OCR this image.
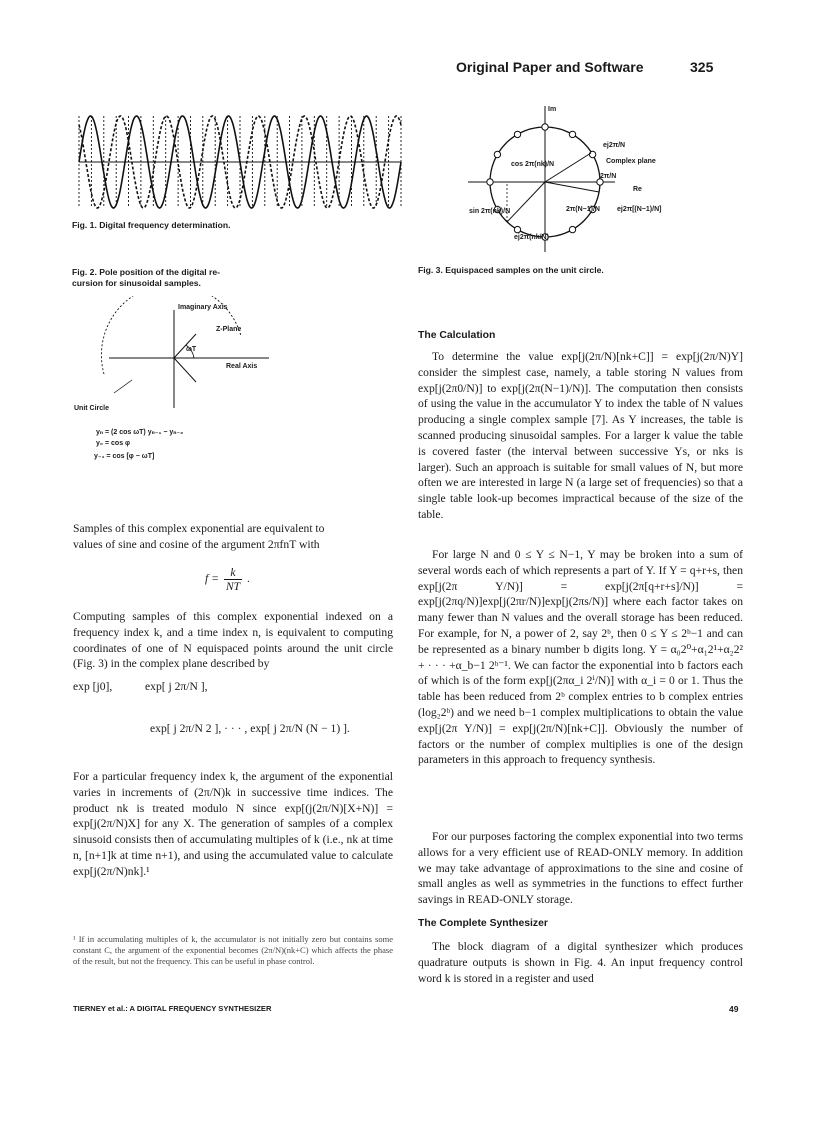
Original Paper and Software	325
Fig. 1. Digital frequency determination.
Fig. 2. Pole position of the digital re-
cursion for sinusoidal samples.
Imaginary Axis
Z-Plane
Real Axis
ωT
Unit Circle
yₙ = (2 cos ωT) yₙ₋₁ − yₙ₋₂
y₀ = cos φ
y₋₁ = cos [φ − ωT]
Im
ej2π/N
Complex plane
2π/N
cos 2π(nk)/N
Re
sin 2π(nk)/N	2π(N−1)/N ej2π[(N−1)/N]
ej2π(nk/N)
Fig. 3. Equispaced samples on the unit circle.
Samples of this complex exponential are equivalent to
values of sine and cosine of the argument 2πfnT with
$f = \frac{k}{NT}$ .
Computing samples of this complex exponential indexed on a frequency index k, and a time index n, is equivalent to computing coordinates of one of N equispaced points around the unit circle (Fig. 3) in the complex plane described by
exp [j0],	exp[ j 2π/N ],
exp[ j 2π/N 2 ], · · · , exp[ j 2π/N (N − 1) ].
For a particular frequency index k, the argument of the exponential varies in increments of (2π/N)k in successive time indices. The product nk is treated modulo N since exp[(j(2π/N)[X+N)] = exp[j(2π/N)X] for any X. The generation of samples of a complex sinusoid consists then of accumulating multiples of k (i.e., nk at time n, [n+1]k at time n+1), and using the accumulated value to calculate exp[j(2π/N)nk].¹
¹ If in accumulating multiples of k, the accumulator is not initially zero but contains some constant C, the argument of the exponential becomes (2π/N)(nk+C) which affects the phase of the result, but not the frequency. This can be useful in phase control.
TIERNEY et al.: A DIGITAL FREQUENCY SYNTHESIZER
The Calculation
To determine the value exp[j(2π/N)[nk+C]] = exp[j(2π/N)Y] consider the simplest case, namely, a table storing N values from exp[j(2π0/N)] to exp[j(2π(N−1)/N)]. The computation then consists of using the value in the accumulator Y to index the table of N values producing a single complex sample [7]. As Y increases, the table is scanned producing sinusoidal samples. For a larger k value the table is covered faster (the interval between successive Ys, or nks is larger). Such an approach is suitable for small values of N, but more often we are interested in large N (a large set of frequencies) so that a single table look-up becomes impractical because of the size of the table.
For large N and 0 ≤ Y ≤ N−1, Y may be broken into a sum of several words each of which represents a part of Y. If Y = q+r+s, then exp[j(2π Y/N)] = exp[j(2π[q+r+s]/N)] = exp[j(2πq/N)]exp[j(2πr/N)]exp[j(2πs/N)] where each factor takes on many fewer than N values and the overall storage has been reduced. For example, for N, a power of 2, say 2ᵇ, then 0 ≤ Y ≤ 2ᵇ−1 and can be represented as a binary number b digits long. Y = α₀2⁰+α₁2¹+α₂2² + · · · +α_b−1 2ᵇ⁻¹. We can factor the exponential into b factors each of which is of the form exp[j(2πα_i 2ⁱ/N)] with α_i = 0 or 1. Thus the table has been reduced from 2ᵇ complex entries to b complex entries (log₂2ᵇ) and we need b−1 complex multiplications to obtain the value exp[j(2π Y/N)] = exp[j(2π/N)[nk+C]]. Obviously the number of factors or the number of complex multiplies is one of the design parameters in this approach to frequency synthesis.
For our purposes factoring the complex exponential into two terms allows for a very efficient use of READ-ONLY memory. In addition we may take advantage of approximations to the sine and cosine of small angles as well as symmetries in the functions to effect further savings in READ-ONLY storage.
The Complete Synthesizer
The block diagram of a digital synthesizer which produces quadrature outputs is shown in Fig. 4. An input frequency control word k is stored in a register and used
49
